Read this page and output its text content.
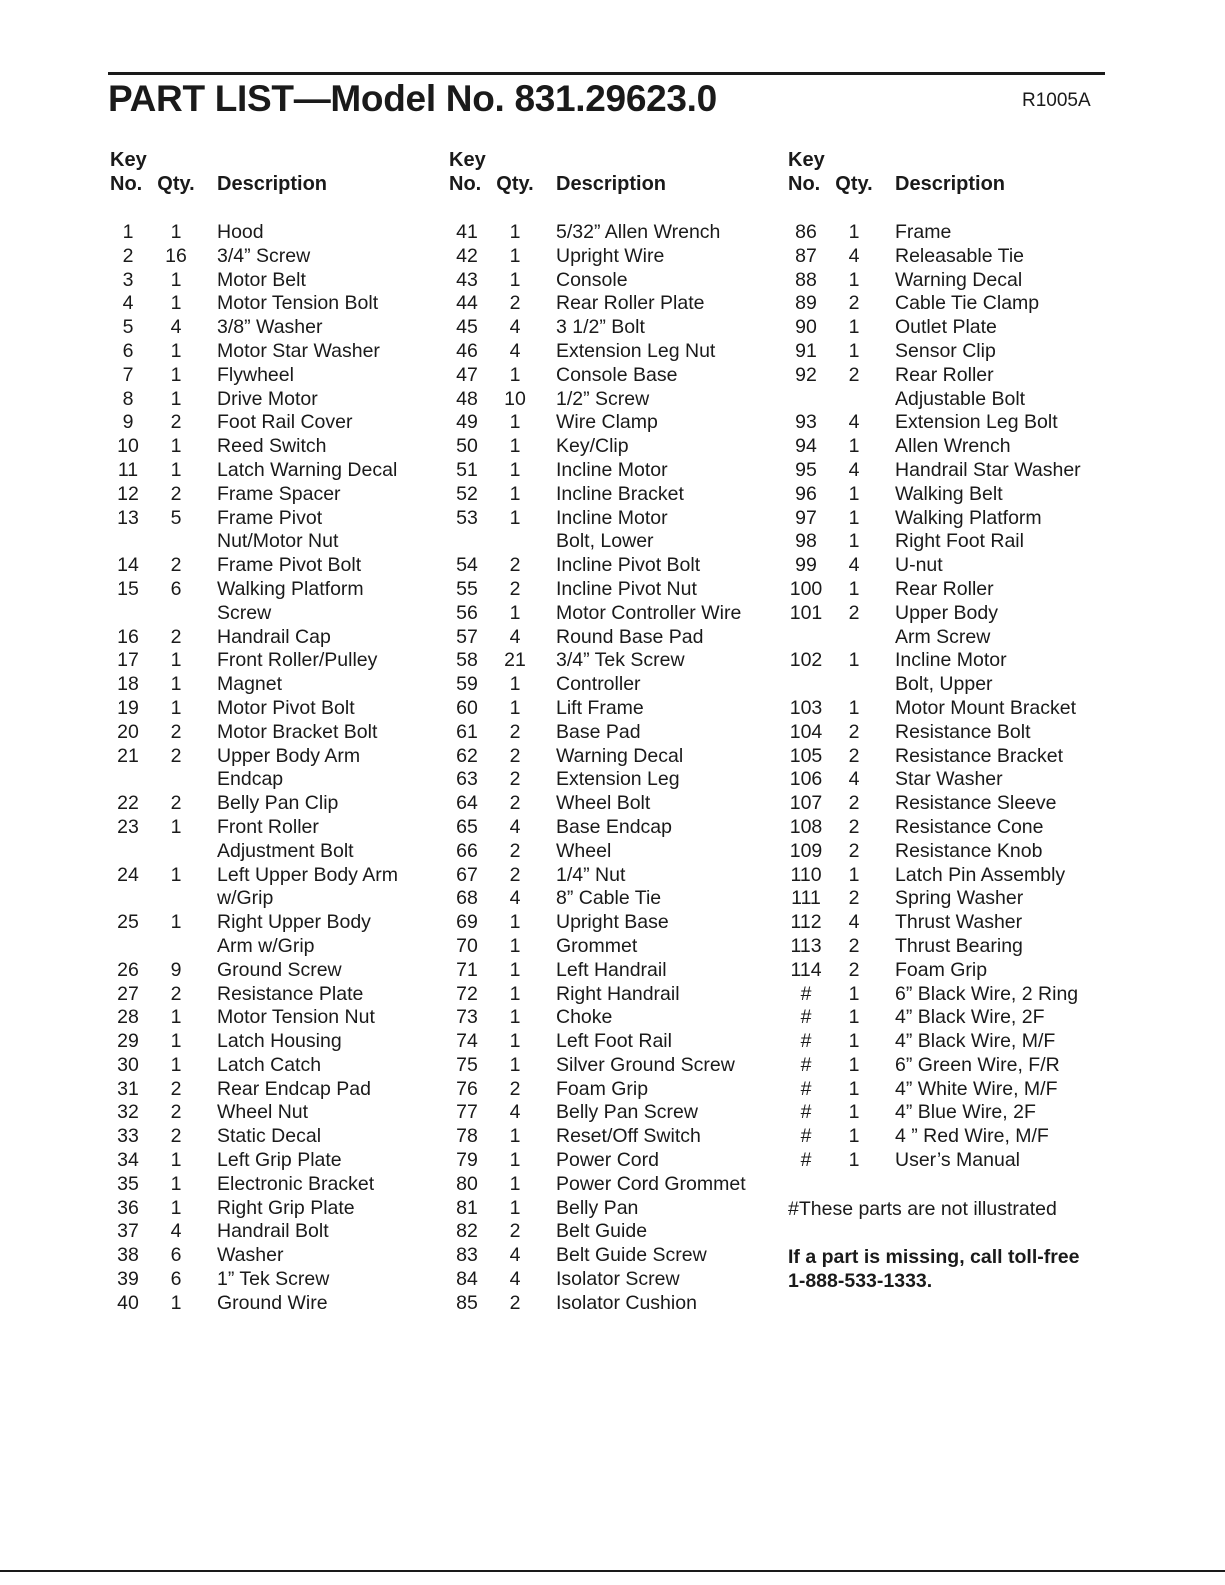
PART LIST—Model No. 831.29623.0	R1005A
Key
No. Qty. Description
1	1	Hood
2	16	3/4” Screw
3	1	Motor Belt
4	1	Motor Tension Bolt
5	4	3/8” Washer
6	1	Motor Star Washer
7	1	Flywheel
8	1	Drive Motor
9	2	Foot Rail Cover
10	1	Reed Switch
11	1	Latch Warning Decal
12	2	Frame Spacer
13	5	Frame Pivot
Nut/Motor Nut
14	2	Frame Pivot Bolt
15	6	Walking Platform
Screw
16	2	Handrail Cap
17	1	Front Roller/Pulley
18	1	Magnet
19	1	Motor Pivot Bolt
20	2	Motor Bracket Bolt
21	2	Upper Body Arm
Endcap
22	2	Belly Pan Clip
23	1	Front Roller
Adjustment Bolt
24	1	Left Upper Body Arm
w/Grip
25	1	Right Upper Body
Arm w/Grip
26	9	Ground Screw
27	2	Resistance Plate
28	1	Motor Tension Nut
29	1	Latch Housing
30	1	Latch Catch
31	2	Rear Endcap Pad
32	2	Wheel Nut
33	2	Static Decal
34	1	Left Grip Plate
35	1	Electronic Bracket
36	1	Right Grip Plate
37	4	Handrail Bolt
38	6	Washer
39	6	1” Tek Screw
40	1	Ground Wire
Key
No. Qty. Description
41	1	5/32” Allen Wrench
42	1	Upright Wire
43	1	Console
44	2	Rear Roller Plate
45	4	3 1/2” Bolt
46	4	Extension Leg Nut
47	1	Console Base
48	10	1/2” Screw
49	1	Wire Clamp
50	1	Key/Clip
51	1	Incline Motor
52	1	Incline Bracket
53	1	Incline Motor
Bolt, Lower
54	2	Incline Pivot Bolt
55	2	Incline Pivot Nut
56	1	Motor Controller Wire
57	4	Round Base Pad
58	21	3/4” Tek Screw
59	1	Controller
60	1	Lift Frame
61	2	Base Pad
62	2	Warning Decal
63	2	Extension Leg
64	2	Wheel Bolt
65	4	Base Endcap
66	2	Wheel
67	2	1/4” Nut
68	4	8” Cable Tie
69	1	Upright Base
70	1	Grommet
71	1	Left Handrail
72	1	Right Handrail
73	1	Choke
74	1	Left Foot Rail
75	1	Silver Ground Screw
76	2	Foam Grip
77	4	Belly Pan Screw
78	1	Reset/Off Switch
79	1	Power Cord
80	1	Power Cord Grommet
81	1	Belly Pan
82	2	Belt Guide
83	4	Belt Guide Screw
84	4	Isolator Screw
85	2	Isolator Cushion
Key
No. Qty. Description
86	1	Frame
87	4	Releasable Tie
88	1	Warning Decal
89	2	Cable Tie Clamp
90	1	Outlet Plate
91	1	Sensor Clip
92	2	Rear Roller
Adjustable Bolt
93	4	Extension Leg Bolt
94	1	Allen Wrench
95	4	Handrail Star Washer
96	1	Walking Belt
97	1	Walking Platform
98	1	Right Foot Rail
99	4	U-nut
100	1	Rear Roller
101	2	Upper Body
Arm Screw
102	1	Incline Motor
Bolt, Upper
103	1	Motor Mount Bracket
104	2	Resistance Bolt
105	2	Resistance Bracket
106	4	Star Washer
107	2	Resistance Sleeve
108	2	Resistance Cone
109	2	Resistance Knob
110	1	Latch Pin Assembly
111	2	Spring Washer
112	4	Thrust Washer
113	2	Thrust Bearing
114	2	Foam Grip
#	1	6” Black Wire, 2 Ring
#	1	4” Black Wire, 2F
#	1	4” Black Wire, M/F
#	1	6” Green Wire, F/R
#	1	4” White Wire, M/F
#	1	4” Blue Wire, 2F
#	1	4 ” Red Wire, M/F
#	1	User’s Manual
#These parts are not illustrated
If a part is missing, call toll-free
1-888-533-1333.
